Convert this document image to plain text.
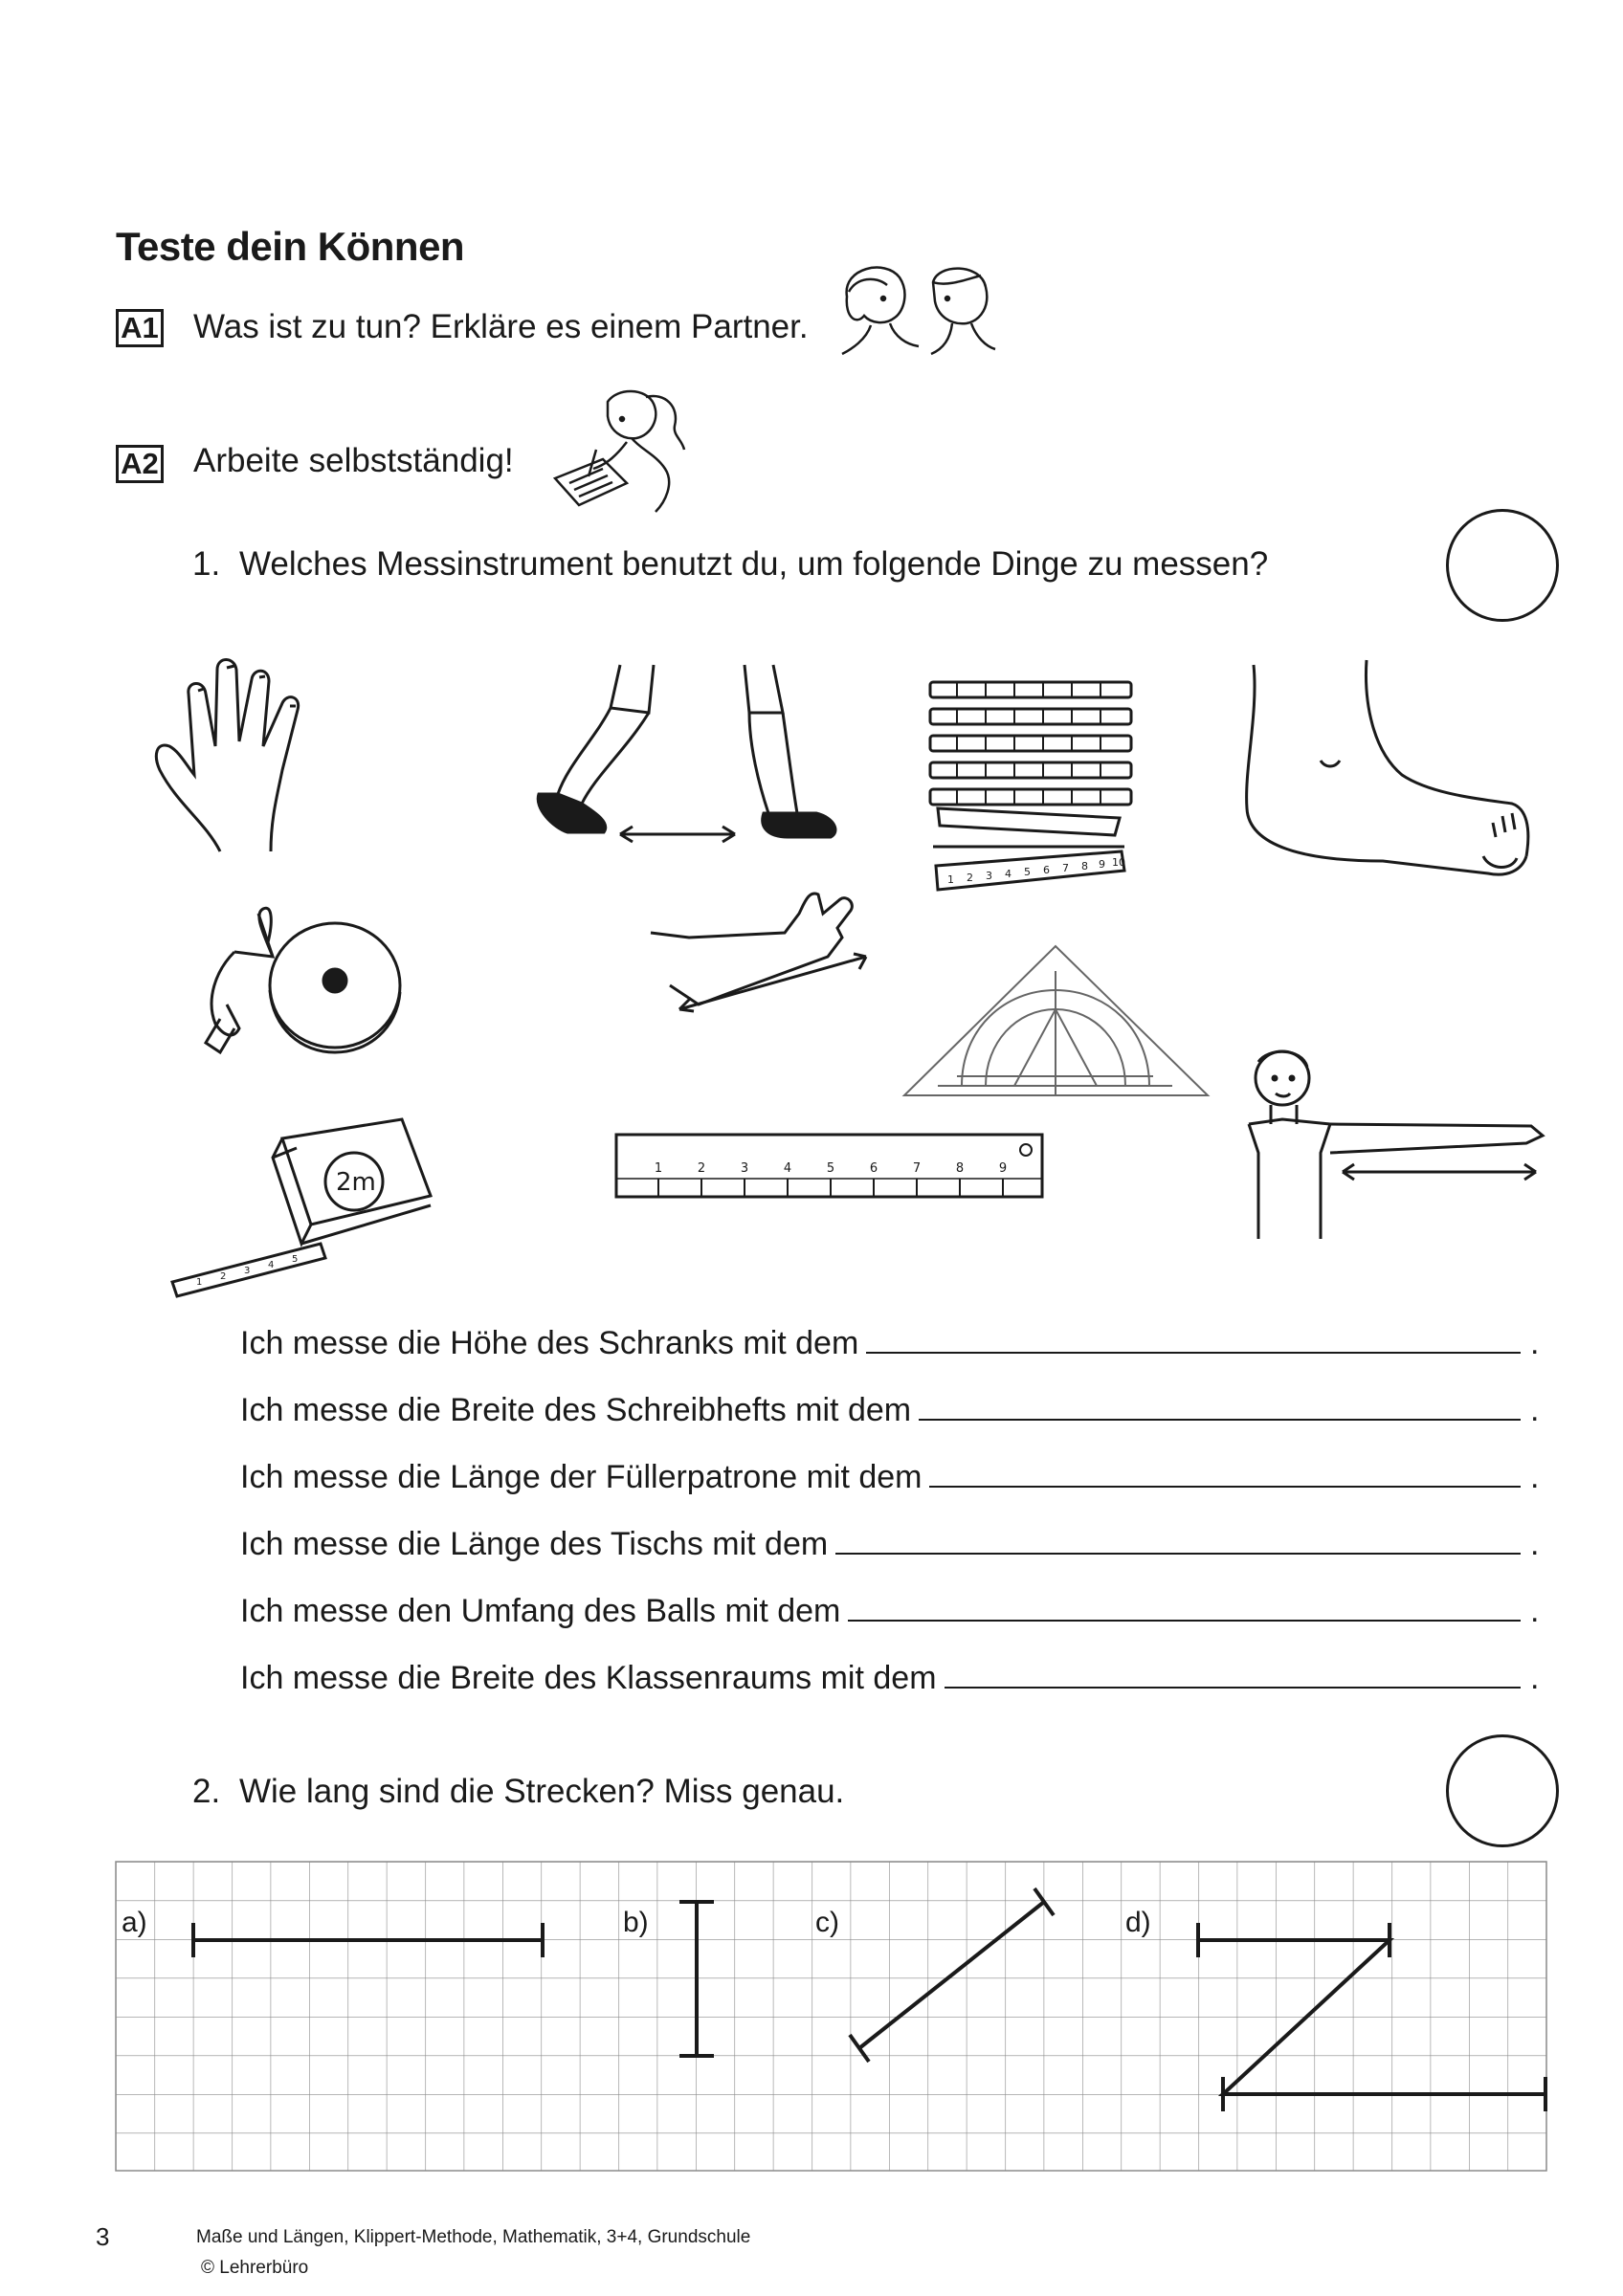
Teste dein Können
A1 Was ist zu tun? Erkläre es einem Partner.
A2 Arbeite selbstständig!
1. Welches Messinstrument benutzt du, um folgende Dinge zu messen?
1 2 3 4 5 6 7 8 9 10
2m
1
2
3
4
5
1	2	3	4	5	6	7	8	9
Ich messe die Höhe des Schranks mit dem	.
Ich messe die Breite des Schreibhefts mit dem	.
Ich messe die Länge der Füllerpatrone mit dem	.
Ich messe die Länge des Tischs mit dem	.
Ich messe den Umfang des Balls mit dem	.
Ich messe die Breite des Klassenraums mit dem	.
2. Wie lang sind die Strecken? Miss genau.
a)	b)	c)	d)
3	Maße und Längen, Klippert-Methode, Mathematik, 3+4, Grundschule
© Lehrerbüro
